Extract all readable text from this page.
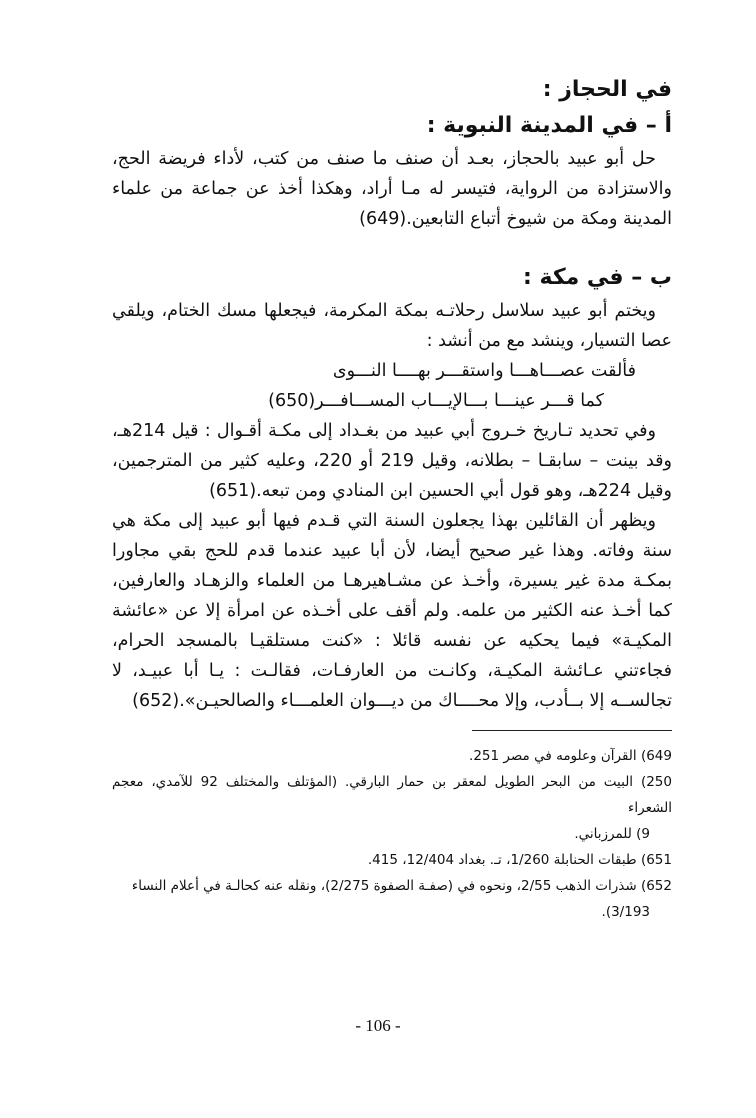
في الحجاز :

أ – في المدينة النبوية :

حل أبو عبيد بالحجاز، بعـد أن صنف ما صنف من كتب، لأداء فريضة الحج، والاستزادة من الرواية، فتيسر له مـا أراد، وهكذا أخذ عن جماعة من علماء المدينة ومكة من شيوخ أتباع التابعين.(649)

ب – في مكة :

ويختم أبو عبيد سلاسل رحلاتـه بمكة المكرمة، فيجعلها مسك الختام، ويلقي عصا التسيار، وينشد مع من أنشد :

فألقت عصـــاهـــا واستقـــر بهــــا النـــوى
كما قـــر عينـــا بـــالإيـــاب المســـافـــر(650)

وفي تحديد تـاريخ خـروج أبي عبيد من بغـداد إلى مكـة أقـوال : قيل 214هـ، وقد بينت – سابقـا – بطلانه، وقيل 219 أو 220، وعليه كثير من المترجمين، وقيل 224هـ، وهو قول أبي الحسين ابن المنادي ومن تبعه.(651)

ويظهر أن القائلين بهذا يجعلون السنة التي قـدم فيها أبو عبيد إلى مكة هي سنة وفاته. وهذا غير صحيح أيضا، لأن أبا عبيد عندما قدم للحج بقي مجاورا بمكـة مدة غير يسيرة، وأخـذ عن مشـاهيرهـا من العلماء والزهـاد والعارفين، كما أخـذ عنه الكثير من علمه. ولم أقف على أخـذه عن امرأة إلا عن «عائشة المكيـة» فيما يحكيه عن نفسه قائلا : «كنت مستلقيـا بالمسجد الحرام، فجاءتني عـائشة المكيـة، وكانـت من العارفـات، فقالـت : يـا أبا عبيـد، لا تجالســه إلا بــأدب، وإلا محــــاك من ديـــوان العلمـــاء والصالحيـن».(652)

649) القرآن وعلومه في مصر 251.

250) البيت من البحر الطويل لمعقر بن حمار البارقي. (المؤتلف والمختلف 92 للآمدي، معجم الشعراء

9) للمرزباني.

651) طبقات الحنابلة 1/260، تـ. بغداد 12/404، 415.

652) شذرات الذهب 2/55، ونحوه في (صفـة الصفوة 2/275)، ونقله عنه كحالـة في أعلام النساء

3/193).

- 106 -
